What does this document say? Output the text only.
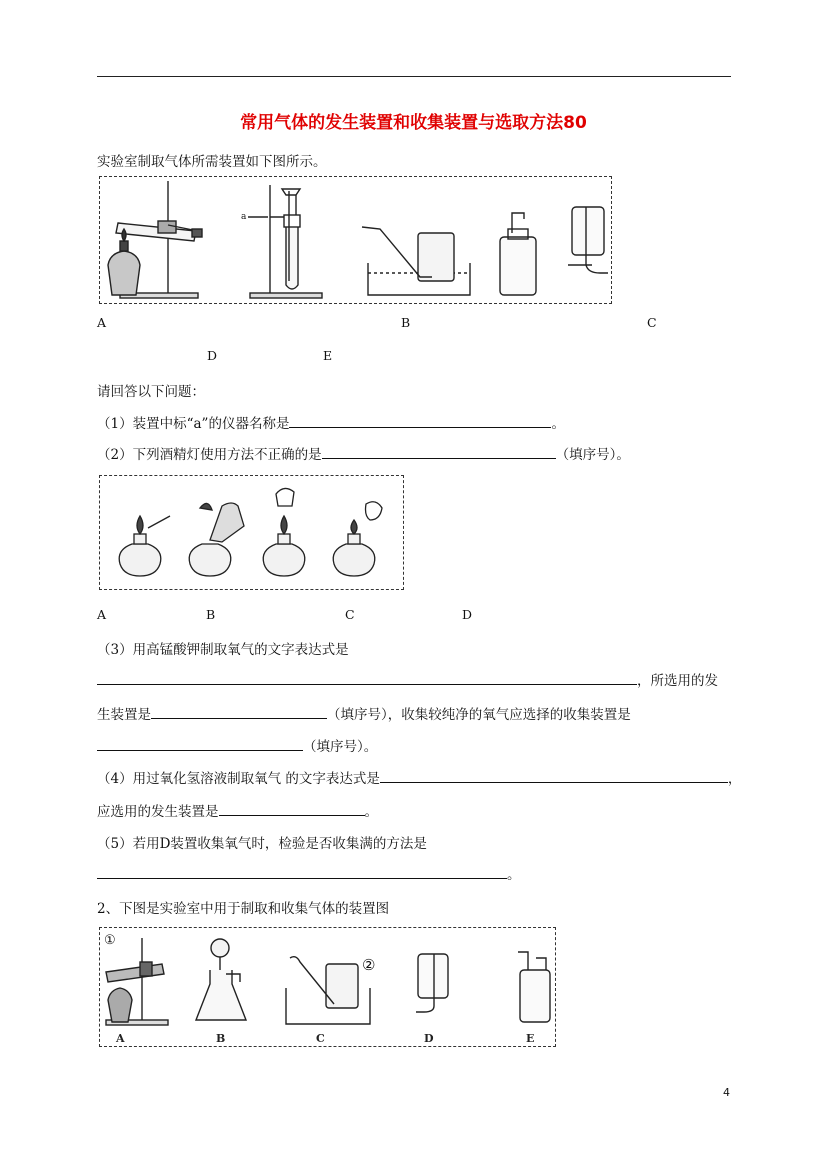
常用气体的发生装置和收集装置与选取方法80
实验室制取气体所需装置如下图所示。
a
A	B	C
D	E
请回答以下问题：
（1）装置中标“a”的仪器名称是	。
（2）下列酒精灯使用方法不正确的是	（填序号）。
A	B	C	D
（3）用高锰酸钾制取氧气的文字表达式是
，所选用的发
生装置是	（填序号），收集较纯净的氧气应选择的收集装置是
（填序号）。
（4）用过氧化氢溶液制取氧气 的文字表达式是	，
应选用的发生装置是	。
（5）若用D装置收集氧气时，检验是否收集满的方法是
。
2、下图是实验室中用于制取和收集气体的装置图
①
②
A	B	C	D	E
4
